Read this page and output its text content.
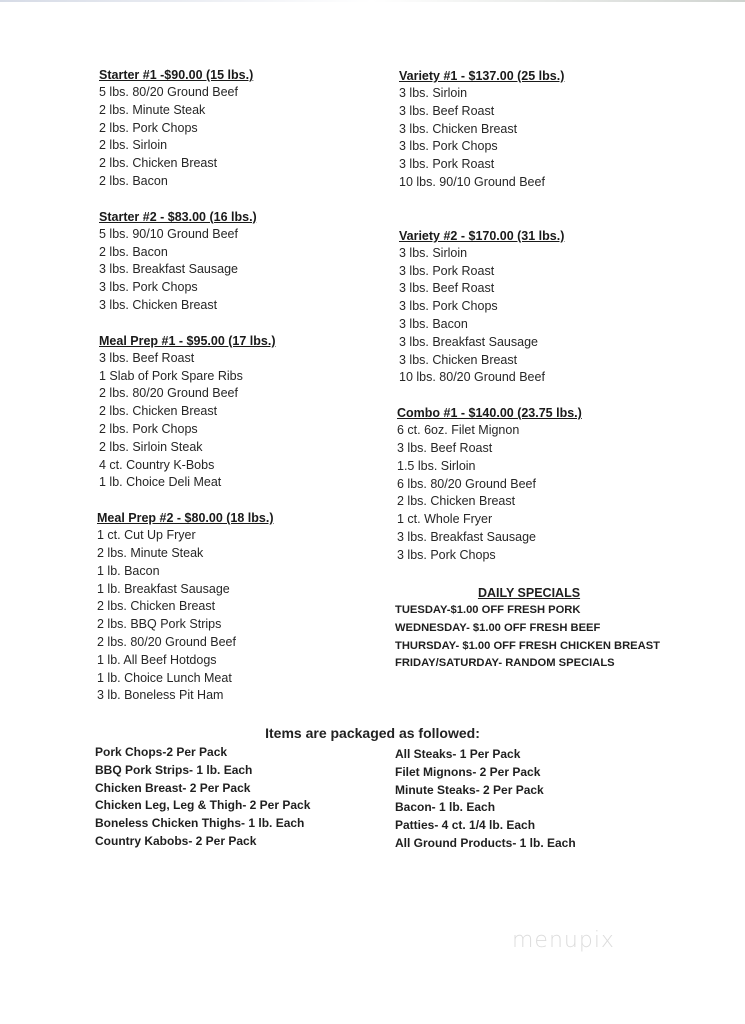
Starter #1 -$90.00 (15 lbs.)
5 lbs. 80/20 Ground Beef
2 lbs. Minute Steak
2 lbs. Pork Chops
2 lbs. Sirloin
2 lbs. Chicken Breast
2 lbs. Bacon
Starter #2 - $83.00 (16 lbs.)
5 lbs. 90/10 Ground Beef
2 lbs. Bacon
3 lbs. Breakfast Sausage
3 lbs. Pork Chops
3 lbs. Chicken Breast
Meal Prep #1 - $95.00 (17 lbs.)
3 lbs. Beef Roast
1 Slab of Pork Spare Ribs
2 lbs. 80/20 Ground Beef
2 lbs. Chicken Breast
2 lbs. Pork Chops
2 lbs. Sirloin Steak
4 ct. Country K-Bobs
1 lb. Choice Deli Meat
Meal Prep #2 - $80.00 (18 lbs.)
1 ct. Cut Up Fryer
2 lbs. Minute Steak
1 lb. Bacon
1 lb. Breakfast Sausage
2 lbs. Chicken Breast
2 lbs. BBQ Pork Strips
2 lbs. 80/20 Ground Beef
1 lb. All Beef Hotdogs
1 lb. Choice Lunch Meat
3 lb. Boneless Pit Ham
Variety #1 - $137.00 (25 lbs.)
3 lbs. Sirloin
3 lbs. Beef Roast
3 lbs. Chicken Breast
3 lbs. Pork Chops
3 lbs. Pork Roast
10 lbs. 90/10 Ground Beef
Variety #2 - $170.00 (31 lbs.)
3 lbs. Sirloin
3 lbs. Pork Roast
3 lbs. Beef Roast
3 lbs. Pork Chops
3 lbs. Bacon
3 lbs. Breakfast Sausage
3 lbs. Chicken Breast
10 lbs. 80/20 Ground Beef
Combo #1 - $140.00 (23.75 lbs.)
6 ct. 6oz. Filet Mignon
3 lbs. Beef Roast
1.5 lbs. Sirloin
6 lbs. 80/20 Ground Beef
2 lbs. Chicken Breast
1 ct. Whole Fryer
3 lbs. Breakfast Sausage
3 lbs. Pork Chops
DAILY SPECIALS
TUESDAY-$1.00 OFF FRESH PORK
WEDNESDAY- $1.00 OFF FRESH BEEF
THURSDAY- $1.00 OFF FRESH CHICKEN BREAST
FRIDAY/SATURDAY- RANDOM SPECIALS
Items are packaged as followed:
Pork Chops-2 Per Pack
BBQ Pork Strips- 1 lb. Each
Chicken Breast- 2 Per Pack
Chicken Leg, Leg & Thigh- 2 Per Pack
Boneless Chicken Thighs- 1 lb. Each
Country Kabobs- 2 Per Pack
All Steaks- 1 Per Pack
Filet Mignons- 2 Per Pack
Minute Steaks- 2 Per Pack
Bacon- 1 lb. Each
Patties- 4 ct. 1/4 lb. Each
All Ground Products- 1 lb. Each
menupix
